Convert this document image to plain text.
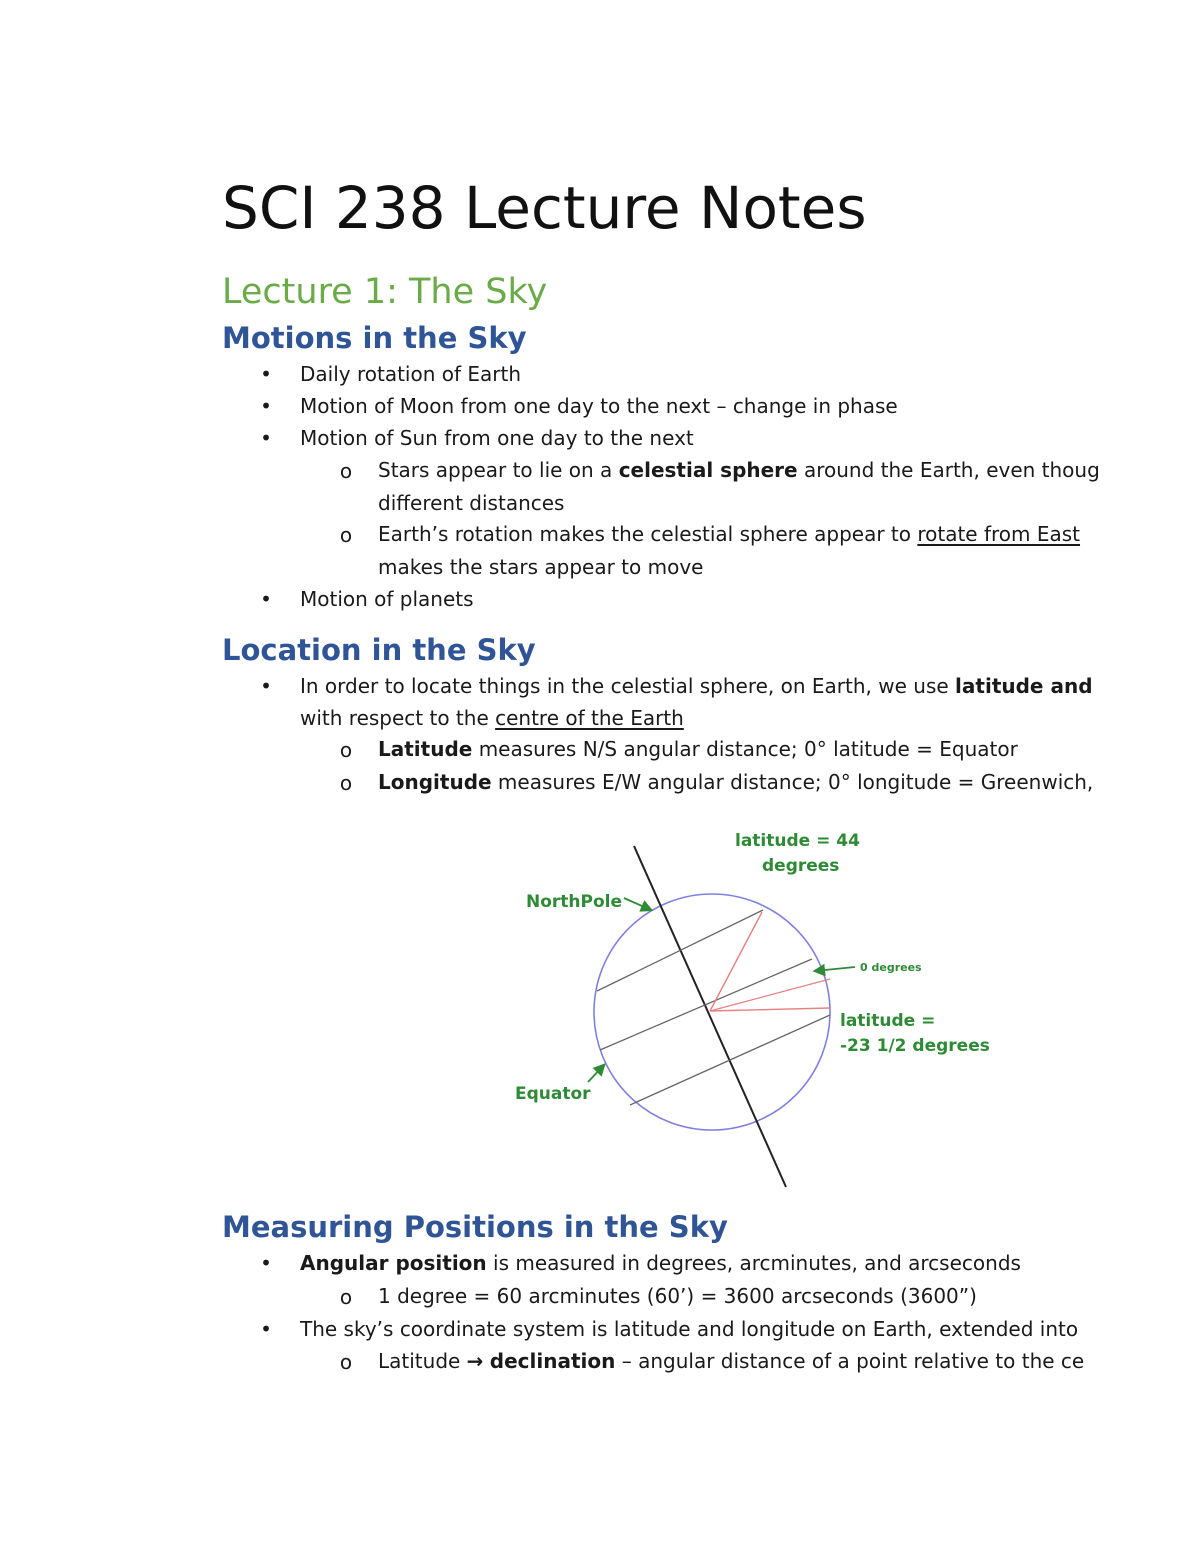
SCI 238 Lecture Notes
Lecture 1: The Sky
Motions in the Sky
• Daily rotation of Earth
• Motion of Moon from one day to the next – change in phase
• Motion of Sun from one day to the next
o Stars appear to lie on a celestial sphere around the Earth, even thoug
different distances
o Earth’s rotation makes the celestial sphere appear to rotate from East
makes the stars appear to move
• Motion of planets
Location in the Sky
• In order to locate things in the celestial sphere, on Earth, we use latitude and
with respect to the centre of the Earth
o Latitude measures N/S angular distance; 0° latitude = Equator
o Longitude measures E/W angular distance; 0° longitude = Greenwich,
latitude = 44
degrees
NorthPole
0 degrees
latitude =
-23 1/2 degrees
Equator
Measuring Positions in the Sky
• Angular position is measured in degrees, arcminutes, and arcseconds
o 1 degree = 60 arcminutes (60’) = 3600 arcseconds (3600”)
• The sky’s coordinate system is latitude and longitude on Earth, extended into
o Latitude → declination – angular distance of a point relative to the ce
